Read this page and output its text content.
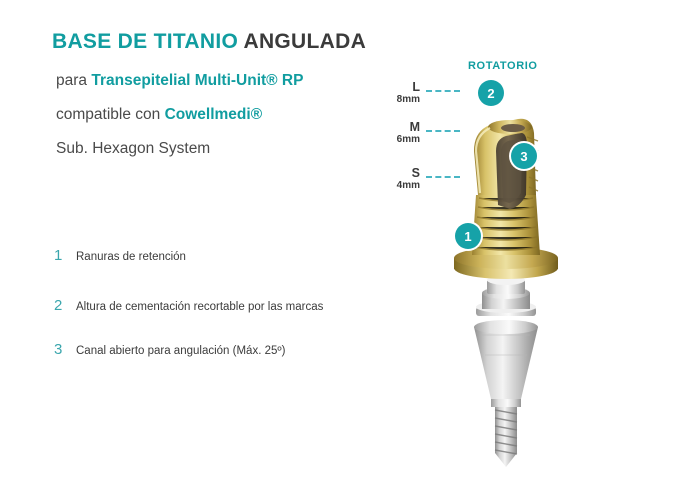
BASE DE TITANIO ANGULADA
para Transepitelial Multi-Unit® RP
compatible con Cowellmedi®
Sub. Hexagon System
1	Ranuras de retención
2	Altura de cementación recortable por las marcas
3	Canal abierto para angulación (Máx. 25º)
ROTATORIO
L
8mm
M
6mm
S
4mm
1
2
3
